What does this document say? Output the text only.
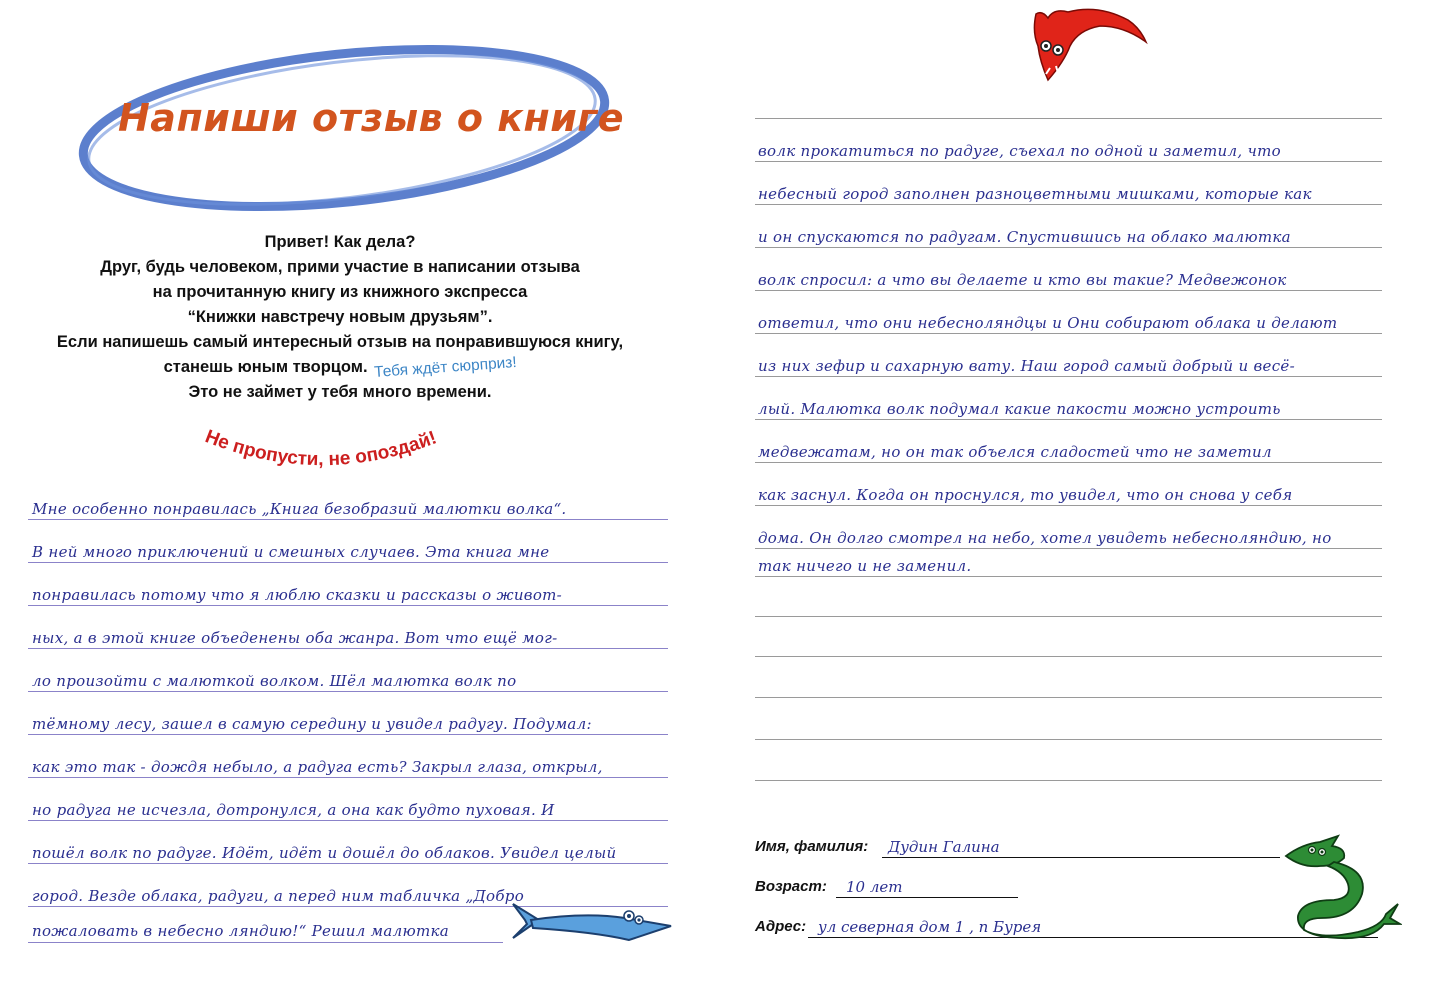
Напиши отзыв о книге
Привет! Как дела?
Друг, будь человеком, прими участие в написании отзыва
на прочитанную книгу из книжного экспресса
“Книжки навстречу новым друзьям”.
Если напишешь самый интересный отзыв на понравившуюся книгу,
станешь юным творцом. Тебя ждёт сюрприз!
Это не займет у тебя много времени.
Не пропусти, не опоздай!
Мне особенно понравилась „Книга безобразий малютки волка“.
В ней много приключений и смешных случаев. Эта книга мне
понравилась потому что я люблю сказки и рассказы о живот-
ных, а в этой книге объеденены оба жанра. Вот что ещё мог-
ло произойти с малюткой волком. Шёл малютка волк по
тёмному лесу, зашел в самую середину и увидел радугу. Подумал:
как это так - дождя небыло, а радуга есть? Закрыл глаза, открыл,
но радуга не исчезла, дотронулся, а она как будто пуховая. И
пошёл волк по радуге. Идёт, идёт и дошёл до облаков. Увидел целый
город. Везде облака, радуги, а перед ним табличка „Добро
пожаловать в небесно ляндию!“ Решил малютка
волк прокатиться по радуге, съехал по одной и заметил, что
небесный город заполнен разноцветными мишками, которые как
и он спускаются по радугам. Спустившись на облако малютка
волк спросил: а что вы делаете и кто вы такие? Медвежонок
ответил, что они небесноляндцы и Они собирают облака и делают
из них зефир и сахарную вату. Наш город самый добрый и весё-
лый. Малютка волк подумал какие пакости можно устроить
медвежатам, но он так объелся сладостей что не заметил
как заснул. Когда он проснулся, то увидел, что он снова у себя
дома. Он долго смотрел на небо, хотел увидеть небесноляндию, но
так ничего и не заменил.
Имя, фамилия: Дудин Галина
Возраст: 10 лет
Адрес: ул северная дом 1 , п Бурея
